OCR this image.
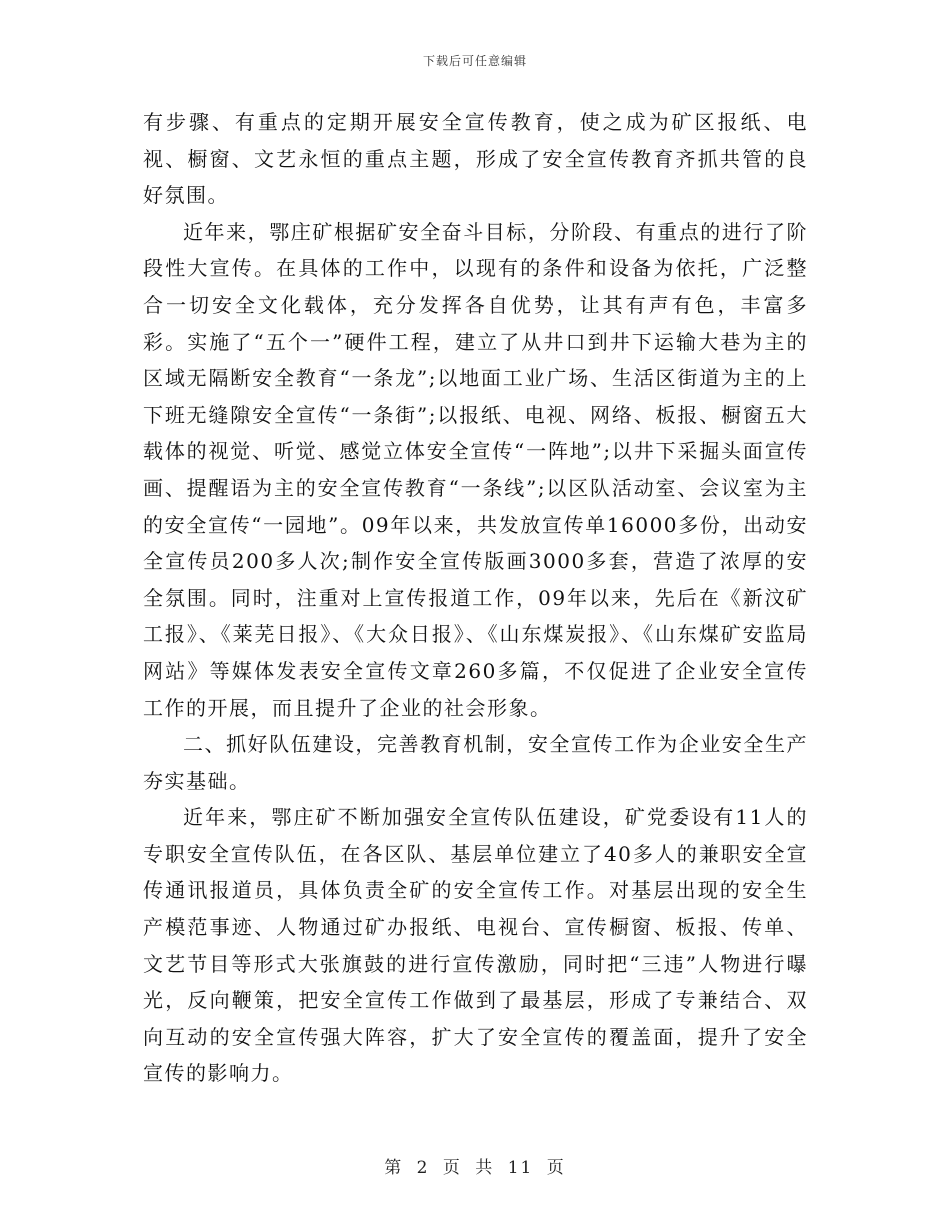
下载后可任意编辑

有步骤、有重点的定期开展安全宣传教育，使之成为矿区报纸、电视、橱窗、文艺永恒的重点主题，形成了安全宣传教育齐抓共管的良好氛围。

近年来，鄂庄矿根据矿安全奋斗目标，分阶段、有重点的进行了阶段性大宣传。在具体的工作中，以现有的条件和设备为依托，广泛整合一切安全文化载体，充分发挥各自优势，让其有声有色，丰富多彩。实施了“五个一”硬件工程，建立了从井口到井下运输大巷为主的区域无隔断安全教育“一条龙”;以地面工业广场、生活区街道为主的上下班无缝隙安全宣传“一条街”;以报纸、电视、网络、板报、橱窗五大载体的视觉、听觉、感觉立体安全宣传“一阵地”;以井下采掘头面宣传画、提醒语为主的安全宣传教育“一条线”;以区队活动室、会议室为主的安全宣传“一园地”。09年以来，共发放宣传单16000多份，出动安全宣传员200多人次;制作安全宣传版画3000多套，营造了浓厚的安全氛围。同时，注重对上宣传报道工作，09年以来，先后在《新汶矿工报》、《莱芜日报》、《大众日报》、《山东煤炭报》、《山东煤矿安监局网站》等媒体发表安全宣传文章260多篇，不仅促进了企业安全宣传工作的开展，而且提升了企业的社会形象。

二、抓好队伍建设，完善教育机制，安全宣传工作为企业安全生产夯实基础。

近年来，鄂庄矿不断加强安全宣传队伍建设，矿党委设有11人的专职安全宣传队伍，在各区队、基层单位建立了40多人的兼职安全宣传通讯报道员，具体负责全矿的安全宣传工作。对基层出现的安全生产模范事迹、人物通过矿办报纸、电视台、宣传橱窗、板报、传单、文艺节目等形式大张旗鼓的进行宣传激励，同时把“三违”人物进行曝光，反向鞭策，把安全宣传工作做到了最基层，形成了专兼结合、双向互动的安全宣传强大阵容，扩大了安全宣传的覆盖面，提升了安全宣传的影响力。

第 2 页 共 11 页
